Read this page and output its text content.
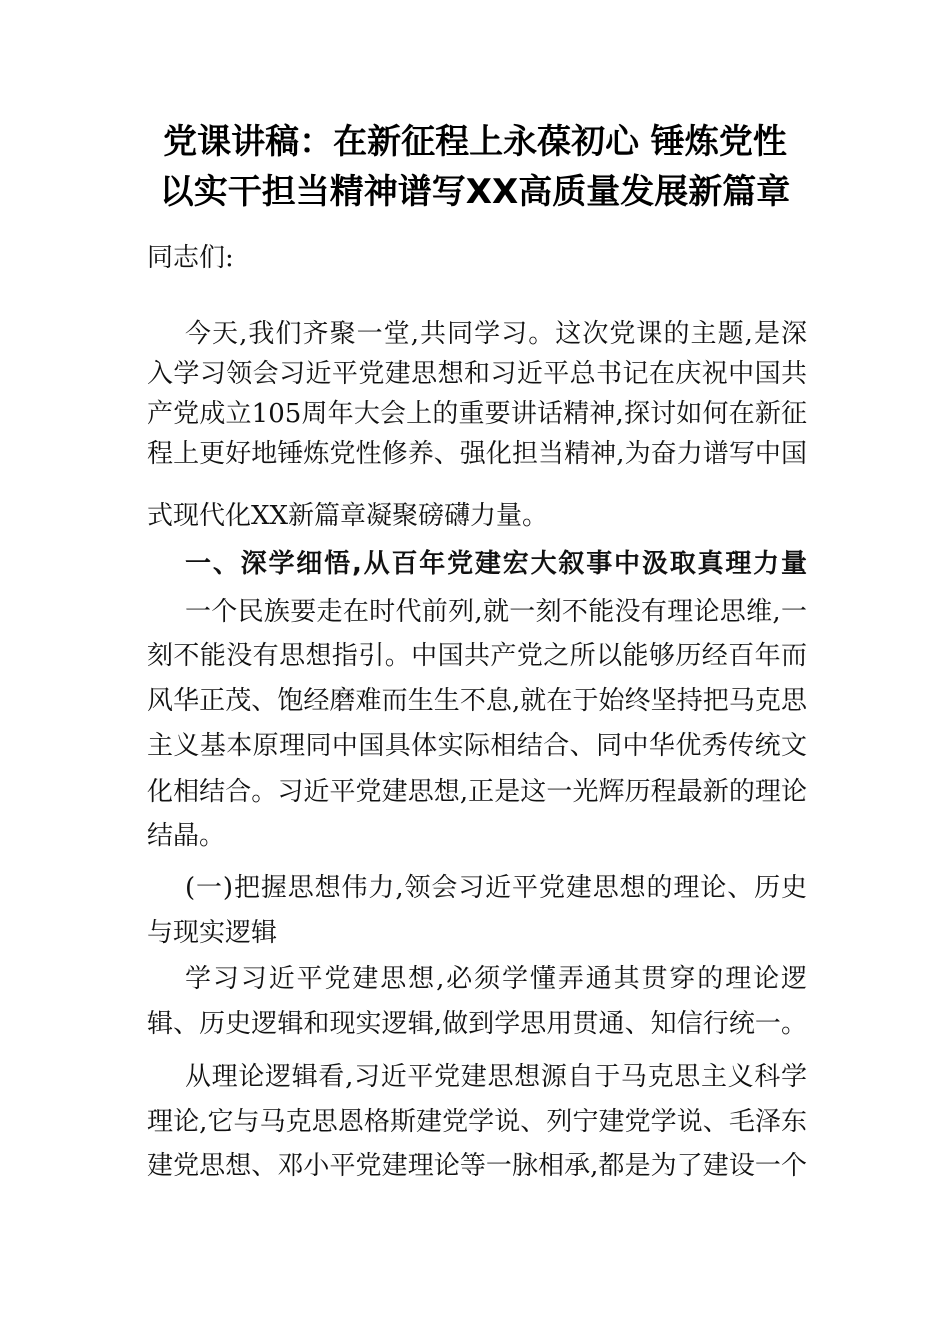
党课讲稿：在新征程上永葆初心 锤炼党性
以实干担当精神谱写XX高质量发展新篇章

同志们:

今天,我们齐聚一堂,共同学习。这次党课的主题,是深

入学习领会习近平党建思想和习近平总书记在庆祝中国共

产党成立105周年大会上的重要讲话精神,探讨如何在新征

程上更好地锤炼党性修养、强化担当精神,为奋力谱写中国

式现代化XX新篇章凝聚磅礴力量。

一、深学细悟,从百年党建宏大叙事中汲取真理力量

一个民族要走在时代前列,就一刻不能没有理论思维,一

刻不能没有思想指引。中国共产党之所以能够历经百年而

风华正茂、饱经磨难而生生不息,就在于始终坚持把马克思

主义基本原理同中国具体实际相结合、同中华优秀传统文

化相结合。习近平党建思想,正是这一光辉历程最新的理论

结晶。

(一)把握思想伟力,领会习近平党建思想的理论、历史

与现实逻辑

学习习近平党建思想,必须学懂弄通其贯穿的理论逻

辑、历史逻辑和现实逻辑,做到学思用贯通、知信行统一。

从理论逻辑看,习近平党建思想源自于马克思主义科学

理论,它与马克思恩格斯建党学说、列宁建党学说、毛泽东

建党思想、邓小平党建理论等一脉相承,都是为了建设一个
